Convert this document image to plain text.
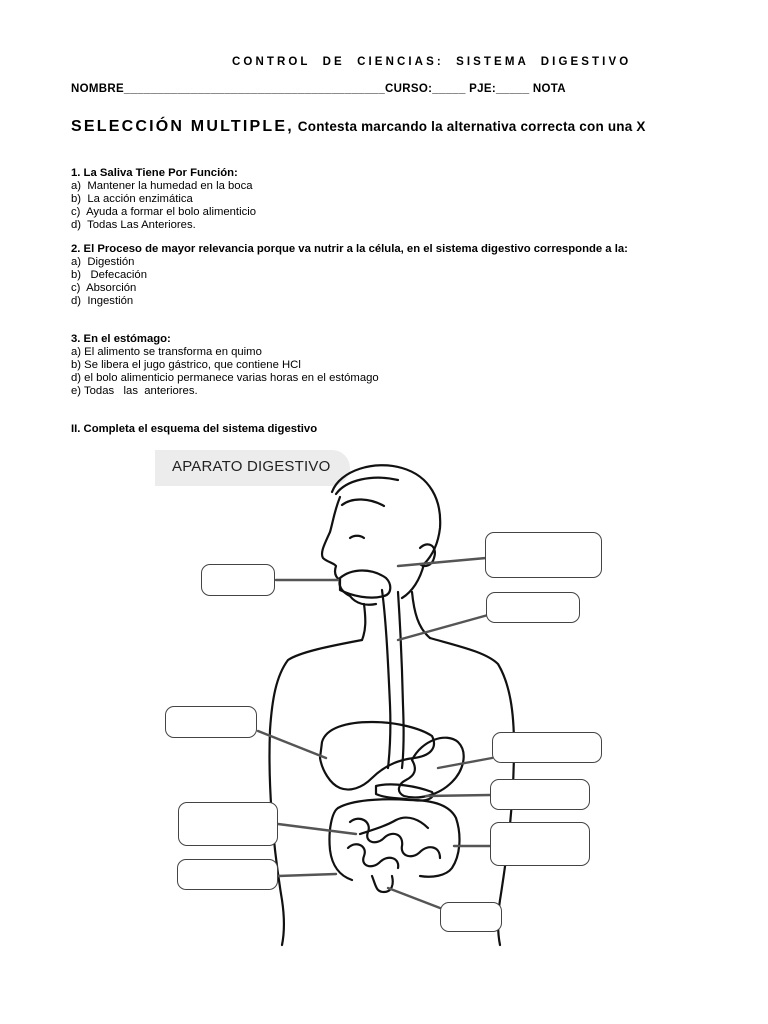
CONTROL DE CIENCIAS: SISTEMA DIGESTIVO
NOMBRE_______________________________________CURSO:_____ PJE:_____ NOTA
SELECCIÓN MULTIPLE, Contesta marcando la alternativa correcta con una X
1. La Saliva Tiene Por Función:
a)  Mantener la humedad en la boca
b)  La acción enzimática
c)  Ayuda a formar el bolo alimenticio
d)  Todas Las Anteriores.
2. El Proceso de mayor relevancia porque va nutrir a la célula, en el sistema digestivo corresponde a la:
a)  Digestión
b)   Defecación
c)  Absorción
d)  Ingestión
3. En el estómago:
a) El alimento se transforma en quimo
b) Se libera el jugo gástrico, que contiene HCl
d) el bolo alimenticio permanece varias horas en el estómago
e) Todas   las  anteriores.
II. Completa el esquema del sistema digestivo
APARATO DIGESTIVO
